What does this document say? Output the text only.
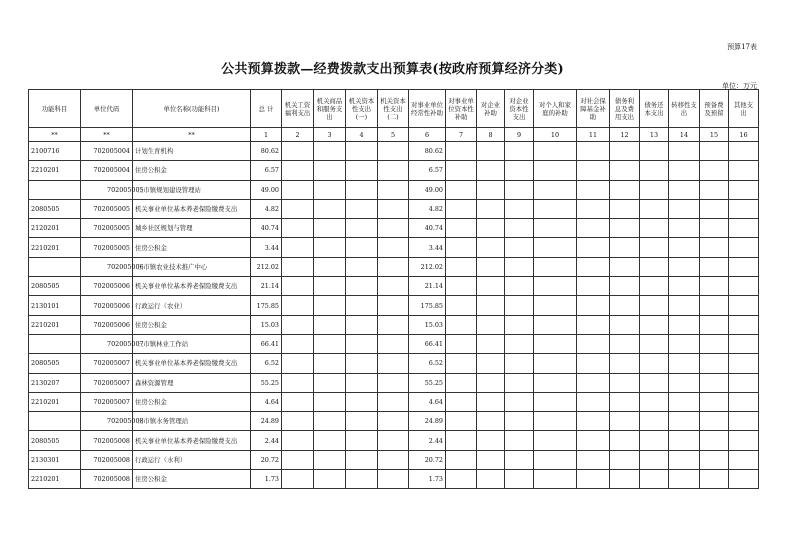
预算17表
公共预算拨款—经费拨款支出预算表(按政府预算经济分类)
单位：万元
功能科目	单位代码	单位名称(功能科目)	总 计	机关工资福利支出	机关商品和服务支出	机关资本性支出(一)	机关资本性支出(二)	对事业单位经常性补助	对事业单位资本性补助	对企业补助	对企业资本性支出	对个人和家庭的补助	对社会保障基金补助	债务利息及费用支出	债务还本支出	转移性支出	预备费及预留	其他支出
**	**	**	1	2	3	4	5	6	7	8	9	10	11	12	13	14	15	16
2100716	702005004	计划生育机构	80.62					80.62										
2210201	702005004	住房公积金	6.57					6.57										
	702005005	三市镇规划建设管理站	49.00					49.00										
2080505	702005005	机关事业单位基本养老保险缴费支出	4.82					4.82										
2120201	702005005	城乡社区规划与管理	40.74					40.74										
2210201	702005005	住房公积金	3.44					3.44										
	702005006	三市镇农业技术推广中心	212.02					212.02										
2080505	702005006	机关事业单位基本养老保险缴费支出	21.14					21.14										
2130101	702005006	行政运行（农业）	175.85					175.85										
2210201	702005006	住房公积金	15.03					15.03										
	702005007	三市镇林业工作站	66.41					66.41										
2080505	702005007	机关事业单位基本养老保险缴费支出	6.52					6.52										
2130207	702005007	森林资源管理	55.25					55.25										
2210201	702005007	住房公积金	4.64					4.64										
	702005008	三市镇水务管理站	24.89					24.89										
2080505	702005008	机关事业单位基本养老保险缴费支出	2.44					2.44										
2130301	702005008	行政运行（水利）	20.72					20.72										
2210201	702005008	住房公积金	1.73					1.73										
